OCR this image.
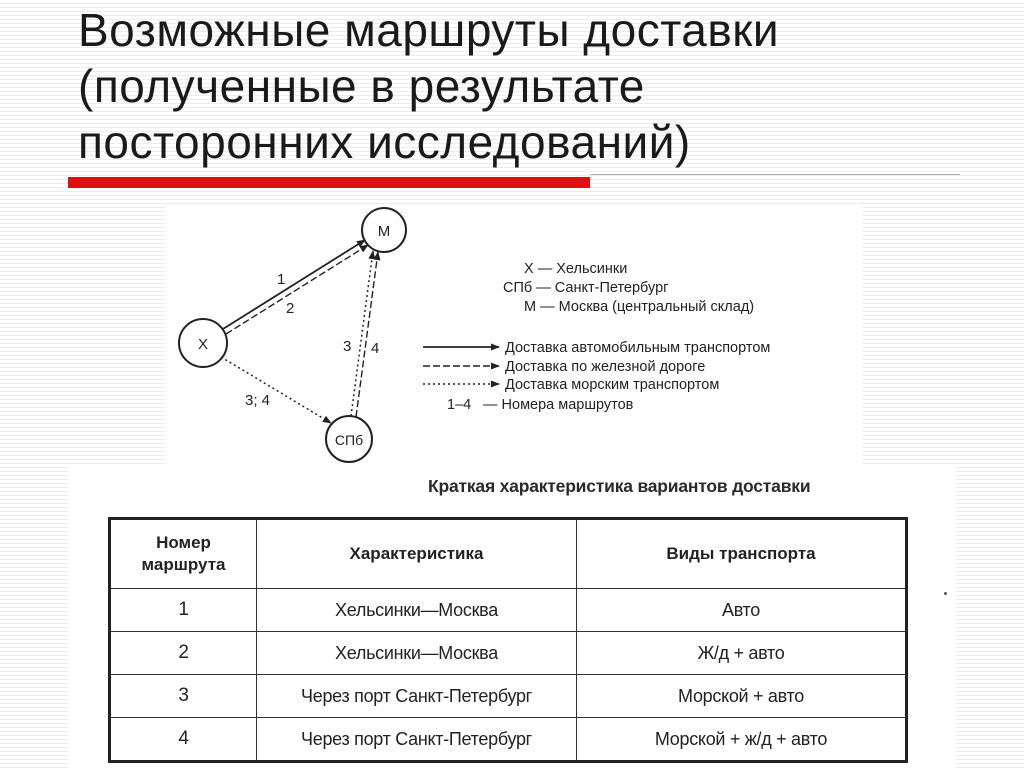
Возможные маршруты доставки
(полученные в результате
посторонних исследований)
Х
М
СПб
1
2
3 4
3; 4
Х — Хельсинки
СПб — Санкт-Петербург
М — Москва (центральный склад)
Доставка автомобильным транспортом
Доставка по железной дороге
Доставка морским транспортом
1–4 — Номера маршрутов

Краткая характеристика вариантов доставки

Номер
маршрута	Характеристика	Виды транспорта
1	Хельсинки—Москва	Авто
2	Хельсинки—Москва	Ж/д + авто
3	Через порт Санкт-Петербург	Морской + авто
4	Через порт Санкт-Петербург	Морской + ж/д + авто
